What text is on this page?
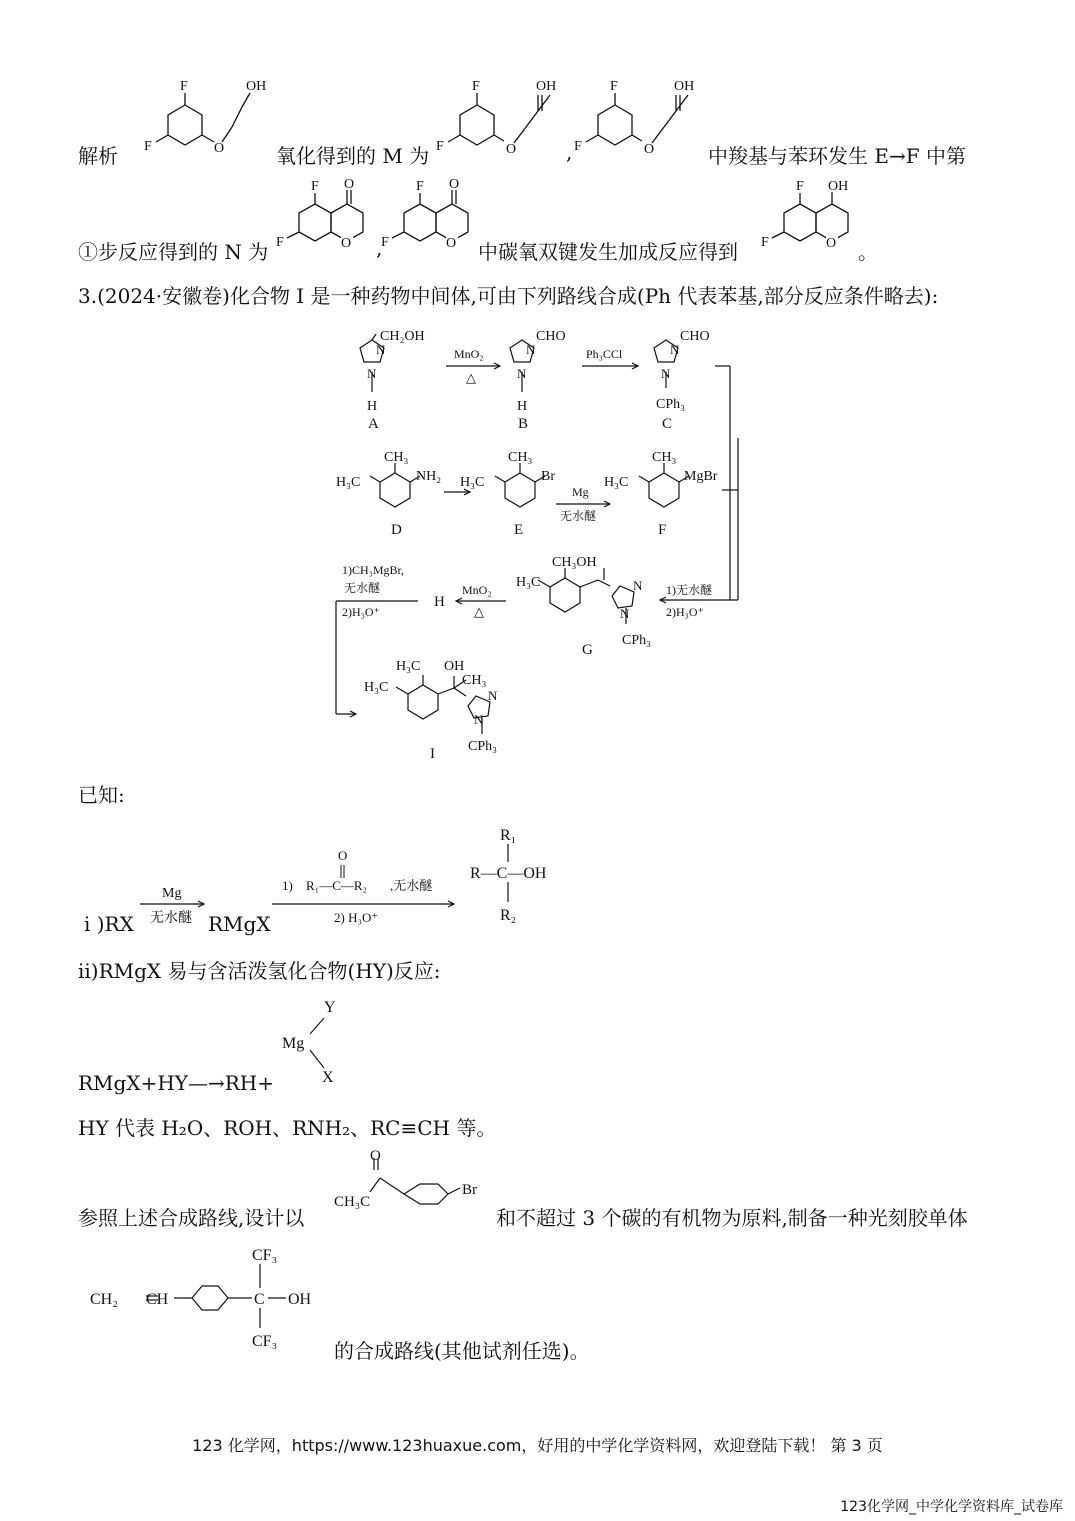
解析
F
F	O
OH
氧化得到的 M 为
F
F	O
OH
,
F
F	O
OH
中羧基与苯环发生 E→F 中第
①步反应得到的 N 为
F
F
O
O ,
F
F
O
O 中碳氧双键发生加成反应得到
F
F
OH
O 。
3.(2024·安徽卷)化合物 I 是一种药物中间体,可由下列路线合成(Ph 代表苯基,部分反应条件略去):
CH₂OH
N
N
H
A
MnO₂
△
CHO
N
N
H
B
Ph₃CCl
CHO
N
N
CPh₃
C
CH₃
H₃C	NH₂
D
CH₃
H₃C	Br
E
Mg
无水醚
CH₃
H₃C	MgBr
F
1)无水醚
2)H₃O⁺
CH₃OH
H₃C	N
N
CPh₃
G
MnO₂
△
H
1)CH₃MgBr,
无水醚
2)H₃O⁺
H₃C
H₃C
OH
CH₃
N
N
CPh₃
I
已知:
i )RX
Mg
无水醚 RMgX
1) R₁—C—R₂
O
,无水醚
2) H₃O⁺
R₁
R—C—OH
R₂
ii)RMgX 易与含活泼氢化合物(HY)反应:
Y
Mg
X
RMgX+HY—→RH+
HY 代表 H₂O、ROH、RNH₂、RC≡CH 等。
参照上述合成路线,设计以
O
CH₃C
Br
和不超过 3 个碳的有机物为原料,制备一种光刻胶单体
CF₃
CH₂ CH	C OH
CF₃	的合成路线(其他试剂任选)。
123 化学网，https://www.123huaxue.com，好用的中学化学资料网，欢迎登陆下载！ 第 3 页
123化学网_中学化学资料库_试卷库
